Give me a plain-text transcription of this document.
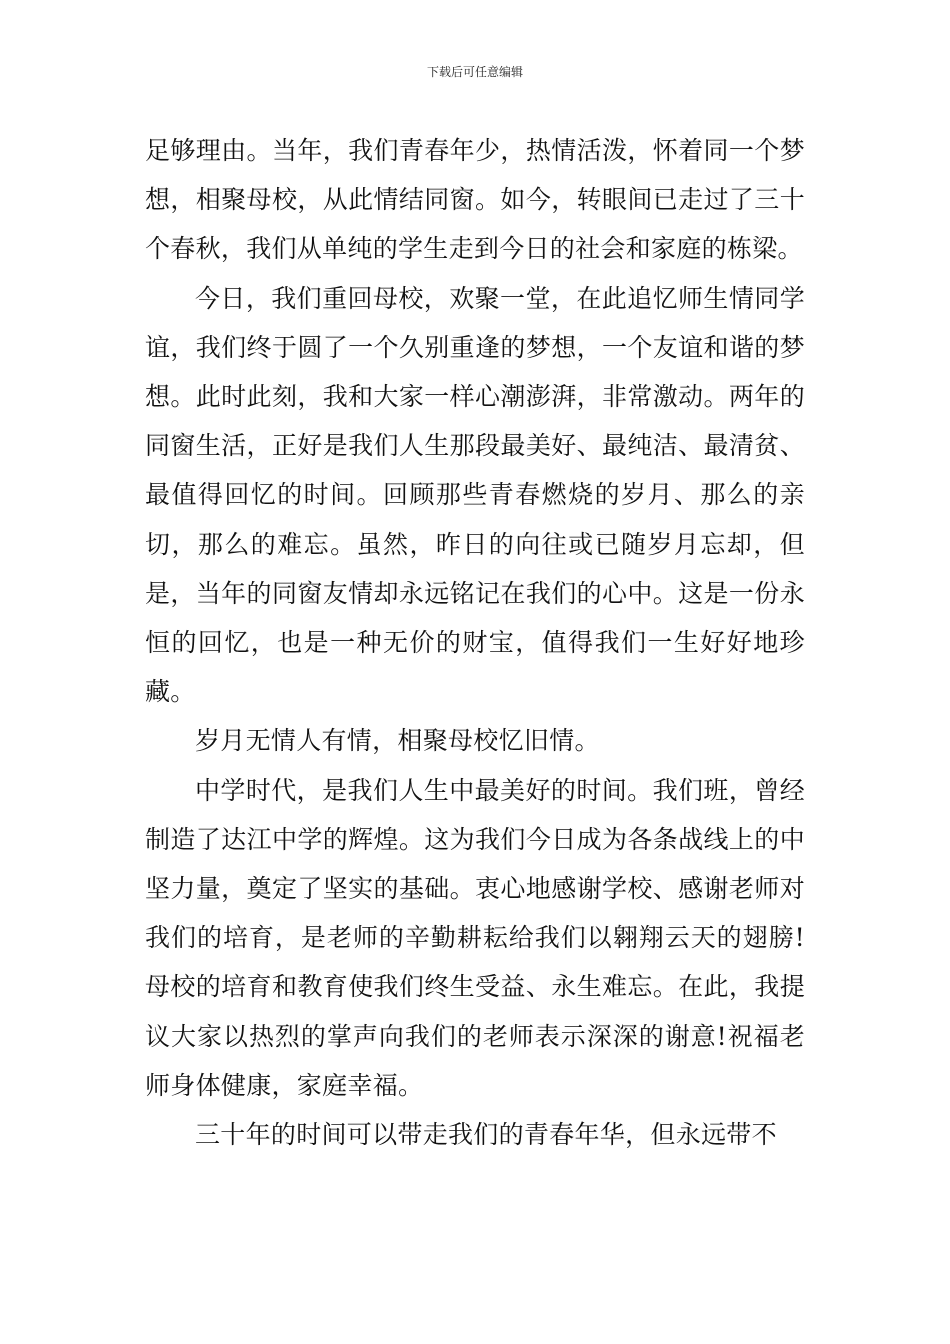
下载后可任意编辑

足够理由。当年，我们青春年少，热情活泼，怀着同一个梦想，相聚母校，从此情结同窗。如今，转眼间已走过了三十个春秋，我们从单纯的学生走到今日的社会和家庭的栋梁。

今日，我们重回母校，欢聚一堂，在此追忆师生情同学谊，我们终于圆了一个久别重逢的梦想，一个友谊和谐的梦想。此时此刻，我和大家一样心潮澎湃，非常激动。两年的同窗生活，正好是我们人生那段最美好、最纯洁、最清贫、最值得回忆的时间。回顾那些青春燃烧的岁月、那么的亲切，那么的难忘。虽然，昨日的向往或已随岁月忘却，但是，当年的同窗友情却永远铭记在我们的心中。这是一份永恒的回忆，也是一种无价的财宝，值得我们一生好好地珍藏。

岁月无情人有情，相聚母校忆旧情。

中学时代，是我们人生中最美好的时间。我们班，曾经制造了达江中学的辉煌。这为我们今日成为各条战线上的中坚力量，奠定了坚实的基础。衷心地感谢学校、感谢老师对我们的培育，是老师的辛勤耕耘给我们以翱翔云天的翅膀!母校的培育和教育使我们终生受益、永生难忘。在此，我提议大家以热烈的掌声向我们的老师表示深深的谢意!祝福老师身体健康，家庭幸福。

三十年的时间可以带走我们的青春年华，但永远带不
